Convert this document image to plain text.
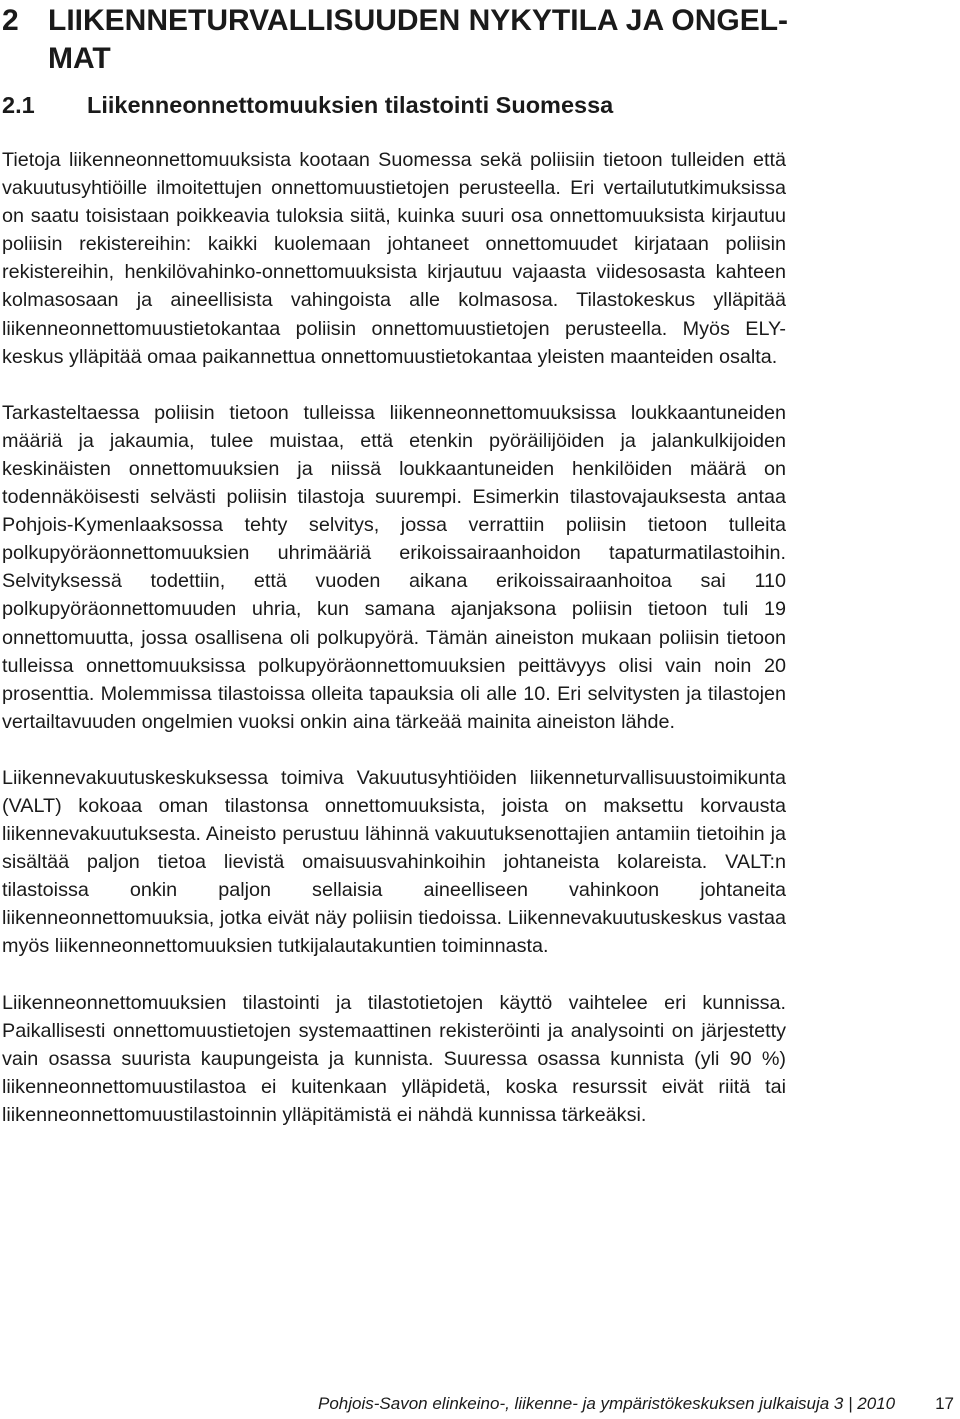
2 LIIKENNETURVALLISUUDEN NYKYTILA JA ONGEL-MAT
2.1	Liikenneonnettomuuksien tilastointi Suomessa

Tietoja liikenneonnettomuuksista kootaan Suomessa sekä poliisiin tietoon tulleiden että vakuutusyhtiöille ilmoitettujen onnettomuustietojen perusteella. Eri vertailututkimuksissa on saatu toisistaan poikkeavia tuloksia siitä, kuinka suuri osa onnettomuuksista kirjautuu poliisin rekistereihin: kaikki kuolemaan johtaneet onnettomuudet kirjataan poliisin rekistereihin, henkilövahinko-onnettomuuksista kirjautuu vajaasta viidesosasta kahteen kolmasosaan ja aineellisista vahingoista alle kolmasosa. Tilastokeskus ylläpitää liikenneonnettomuustietokantaa poliisin onnettomuustietojen perusteella. Myös ELY-keskus ylläpitää omaa paikannettua onnettomuustietokantaa yleisten maanteiden osalta.

Tarkasteltaessa poliisin tietoon tulleissa liikenneonnettomuuksissa loukkaantuneiden määriä ja jakaumia, tulee muistaa, että etenkin pyöräilijöiden ja jalankulkijoiden keskinäisten onnettomuuksien ja niissä loukkaantuneiden henkilöiden määrä on todennäköisesti selvästi poliisin tilastoja suurempi. Esimerkin tilastovajauksesta antaa Pohjois-Kymenlaaksossa tehty selvitys, jossa verrattiin poliisin tietoon tulleita polkupyöräonnettomuuksien uhrimääriä erikoissairaanhoidon tapaturmatilastoihin. Selvityksessä todettiin, että vuoden aikana erikoissairaanhoitoa sai 110 polkupyöräonnettomuuden uhria, kun samana ajanjaksona poliisin tietoon tuli 19 onnettomuutta, jossa osallisena oli polkupyörä. Tämän aineiston mukaan poliisin tietoon tulleissa onnettomuuksissa polkupyöräonnettomuuksien peittävyys olisi vain noin 20 prosenttia. Molemmissa tilastoissa olleita tapauksia oli alle 10. Eri selvitysten ja tilastojen vertailtavuuden ongelmien vuoksi onkin aina tärkeää mainita aineiston lähde.

Liikennevakuutuskeskuksessa toimiva Vakuutusyhtiöiden liikenneturvallisuustoimikunta (VALT) kokoaa oman tilastonsa onnettomuuksista, joista on maksettu korvausta liikennevakuutuksesta. Aineisto perustuu lähinnä vakuutuksenottajien antamiin tietoihin ja sisältää paljon tietoa lievistä omaisuusvahinkoihin johtaneista kolareista. VALT:n tilastoissa onkin paljon sellaisia aineelliseen vahinkoon johtaneita liikenneonnettomuuksia, jotka eivät näy poliisin tiedoissa. Liikennevakuutuskeskus vastaa myös liikenneonnettomuuksien tutkijalautakuntien toiminnasta.

Liikenneonnettomuuksien tilastointi ja tilastotietojen käyttö vaihtelee eri kunnissa. Paikallisesti onnettomuustietojen systemaattinen rekisteröinti ja analysointi on järjestetty vain osassa suurista kaupungeista ja kunnista. Suuressa osassa kunnista (yli 90 %) liikenneonnettomuustilastoa ei kuitenkaan ylläpidetä, koska resurssit eivät riitä tai liikenneonnettomuustilastoinnin ylläpitämistä ei nähdä kunnissa tärkeäksi.

Pohjois-Savon elinkeino-, liikenne- ja ympäristökeskuksen julkaisuja 3 | 2010 17
